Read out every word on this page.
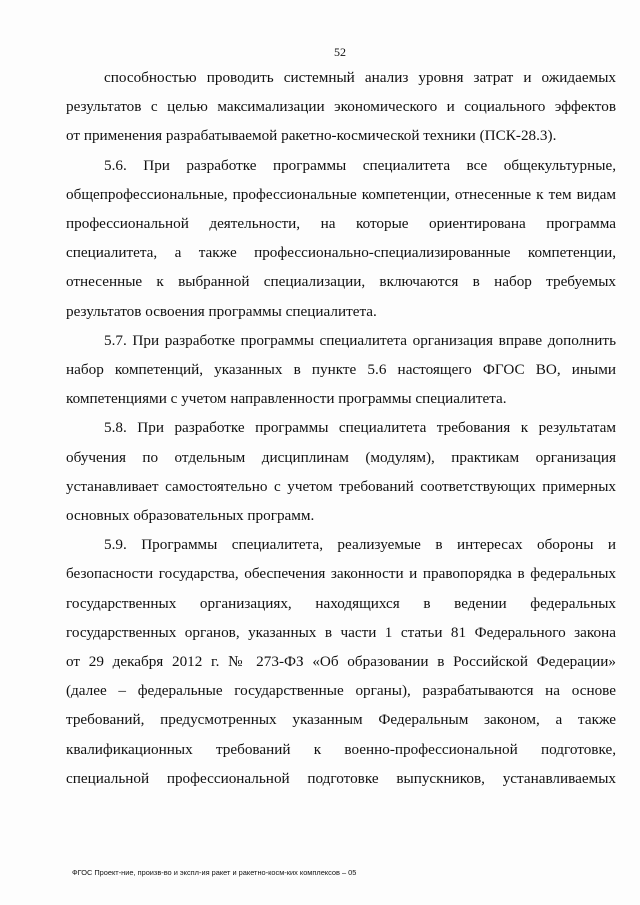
52
способностью проводить системный анализ уровня затрат и ожидаемых
результатов с целью максимализации экономического и социального эффектов
от применения разрабатываемой ракетно-космической техники (ПСК-28.3).
5.6. При разработке программы специалитета все общекультурные,
общепрофессиональные, профессиональные компетенции, отнесенные к тем видам
профессиональной деятельности, на которые ориентирована программа
специалитета, а также профессионально-специализированные компетенции,
отнесенные к выбранной специализации, включаются в набор требуемых
результатов освоения программы специалитета.
5.7. При разработке программы специалитета организация вправе дополнить
набор компетенций, указанных в пункте 5.6 настоящего ФГОС ВО, иными
компетенциями с учетом направленности программы специалитета.
5.8. При разработке программы специалитета требования к результатам
обучения по отдельным дисциплинам (модулям), практикам организация
устанавливает самостоятельно с учетом требований соответствующих примерных
основных образовательных программ.
5.9. Программы специалитета, реализуемые в интересах обороны и
безопасности государства, обеспечения законности и правопорядка в федеральных
государственных организациях, находящихся в ведении федеральных
государственных органов, указанных в части 1 статьи 81 Федерального закона
от 29 декабря 2012 г. № 273-ФЗ «Об образовании в Российской Федерации»
(далее – федеральные государственные органы), разрабатываются на основе
требований, предусмотренных указанным Федеральным законом, а также
квалификационных требований к военно-профессиональной подготовке,
специальной профессиональной подготовке выпускников, устанавливаемых
ФГОС Проект-ние, произв-во и экспл-ия ракет и ракетно-косм-ких комплексов – 05
